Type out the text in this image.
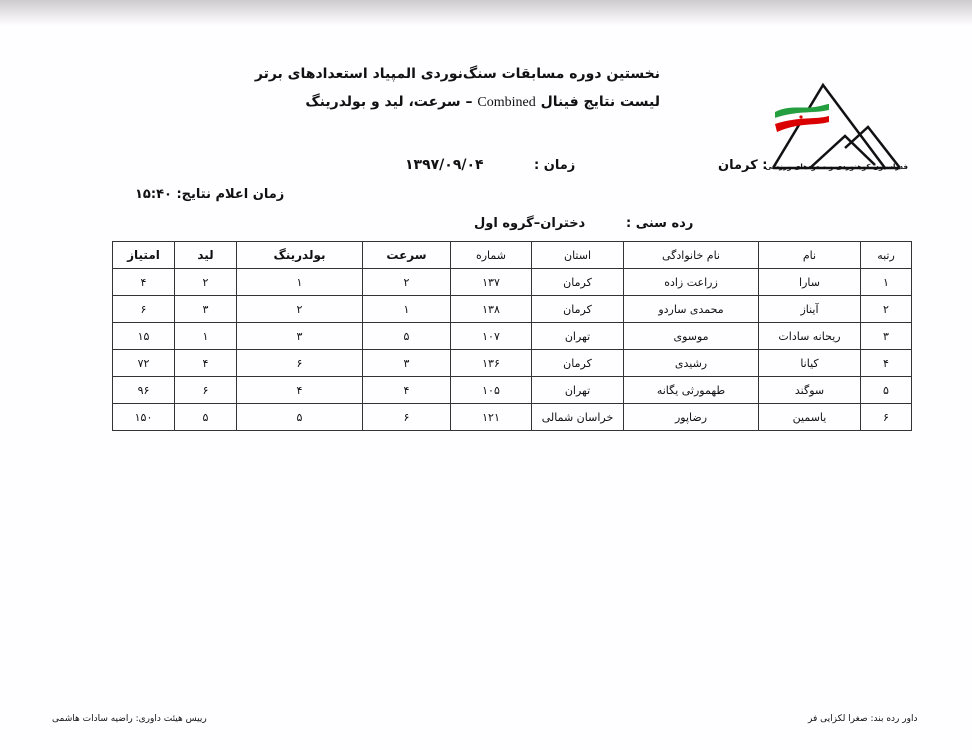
نخستین دوره مسابقات سنگ‌نوردی المپیاد استعدادهای برتر
لیست نتایج فینال Combined – سرعت، لید و بولدرینگ
فدراسیون کوهنوردی و صعودهای ورزشی
: کرمان
زمان :
۱۳۹۷/۰۹/۰۴
زمان اعلام نتایج: ۱۵:۴۰
رده سنی :
دختران–گروه اول
رتبه	نام	نام خانوادگی	استان	شماره	سرعت	بولدرینگ	لید	امتیاز
۱	سارا	زراعت زاده	کرمان	۱۳۷	۲	۱	۲	۴
۲	آیناز	محمدی ساردو	کرمان	۱۳۸	۱	۲	۳	۶
۳	ریحانه سادات	موسوی	تهران	۱۰۷	۵	۳	۱	۱۵
۴	کیانا	رشیدی	کرمان	۱۳۶	۳	۶	۴	۷۲
۵	سوگند	طهمورثی یگانه	تهران	۱۰۵	۴	۴	۶	۹۶
۶	یاسمین	رضاپور	خراسان شمالی	۱۲۱	۶	۵	۵	۱۵۰
رییس هیئت داوری: راضیه سادات هاشمی	داور رده بند: صغرا لکزایی فر
